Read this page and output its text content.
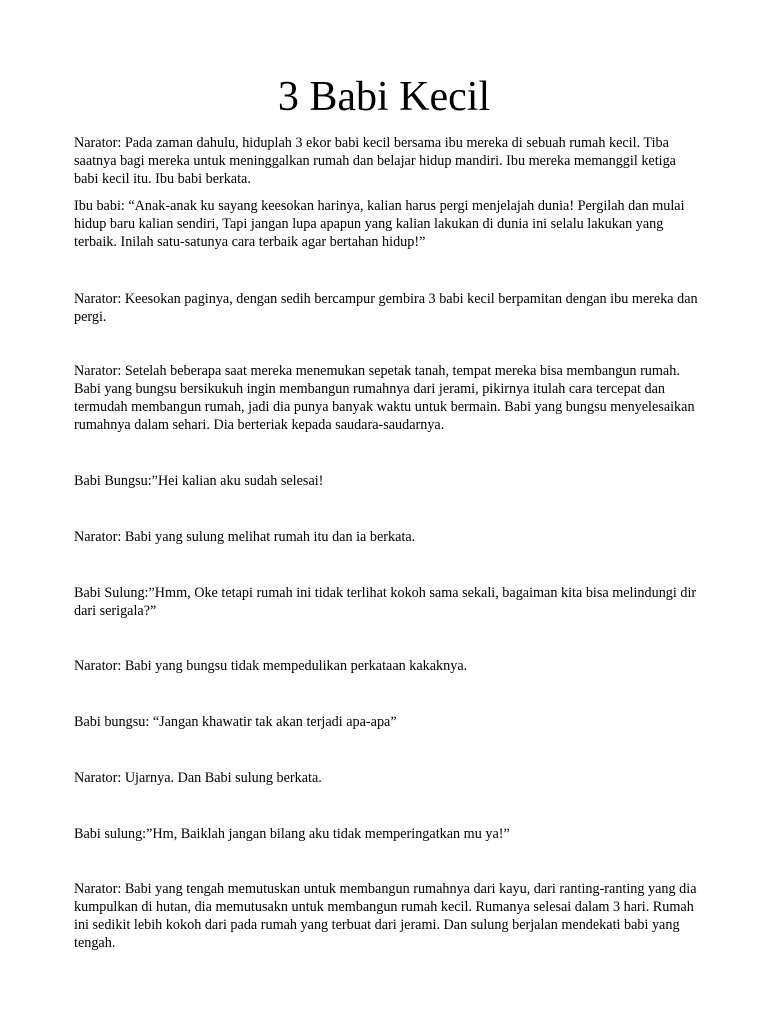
3 Babi Kecil

Narator: Pada zaman dahulu, hiduplah 3 ekor babi kecil bersama ibu mereka di sebuah rumah kecil. Tiba saatnya bagi mereka untuk meninggalkan rumah dan belajar hidup mandiri. Ibu mereka memanggil ketiga babi kecil itu. Ibu babi berkata.

Ibu babi: “Anak-anak ku sayang keesokan harinya, kalian harus pergi menjelajah dunia! Pergilah dan mulai hidup baru kalian sendiri, Tapi jangan lupa apapun yang kalian lakukan di dunia ini selalu lakukan yang terbaik. Inilah satu-satunya cara terbaik agar bertahan hidup!”

Narator: Keesokan paginya, dengan sedih bercampur gembira 3 babi kecil berpamitan dengan ibu mereka dan pergi.

Narator: Setelah beberapa saat mereka menemukan sepetak tanah, tempat mereka bisa membangun rumah. Babi yang bungsu bersikukuh ingin membangun rumahnya dari jerami, pikirnya itulah cara tercepat dan termudah membangun rumah, jadi dia punya banyak waktu untuk bermain. Babi yang bungsu menyelesaikan rumahnya dalam sehari. Dia berteriak kepada saudara-saudarnya.

Babi Bungsu:”Hei kalian aku sudah selesai!

Narator: Babi yang sulung melihat rumah itu dan ia berkata.

Babi Sulung:”Hmm, Oke tetapi rumah ini tidak terlihat kokoh sama sekali, bagaiman kita bisa melindungi dir dari serigala?”

Narator: Babi yang bungsu tidak mempedulikan perkataan kakaknya.

Babi bungsu: “Jangan khawatir tak akan terjadi apa-apa”

Narator: Ujarnya. Dan Babi sulung berkata.

Babi sulung:”Hm, Baiklah jangan bilang aku tidak memperingatkan mu ya!”

Narator: Babi yang tengah memutuskan untuk membangun rumahnya dari kayu, dari ranting-ranting yang dia kumpulkan di hutan, dia memutusakn untuk membangun rumah kecil. Rumanya selesai dalam 3 hari. Rumah ini sedikit lebih kokoh dari pada rumah yang terbuat dari jerami. Dan sulung berjalan mendekati babi yang tengah.
